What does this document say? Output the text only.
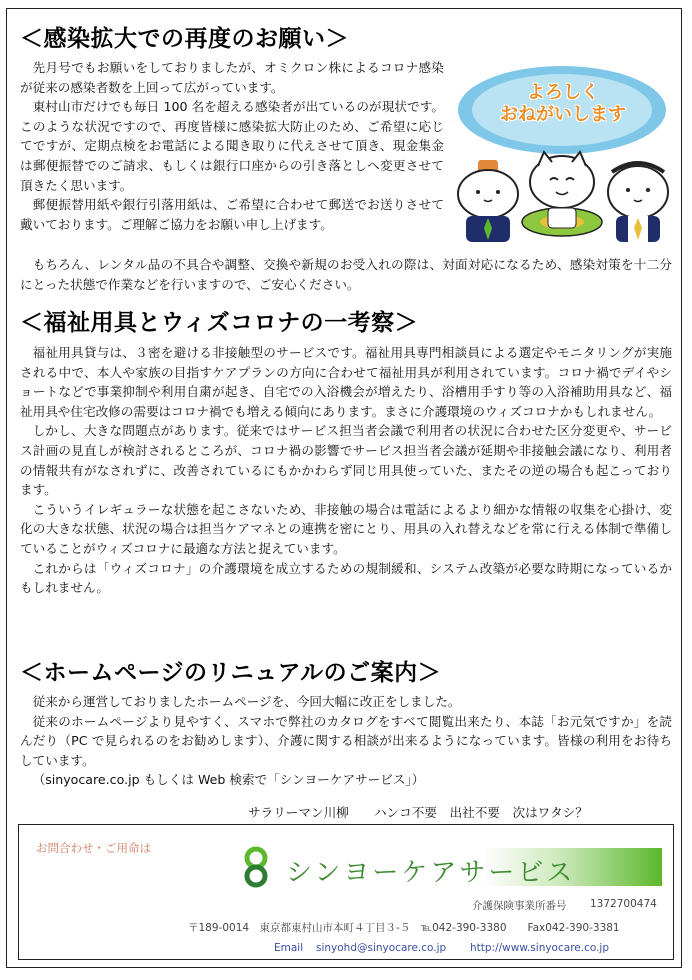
＜感染拡大での再度のお願い＞

先月号でもお願いをしておりましたが、オミクロン株によるコロナ感染が従来の感染者数を上回って広がっています。

東村山市だけでも毎日 100 名を超える感染者が出ているのが現状です。このような状況ですので、再度皆様に感染拡大防止のため、ご希望に応じてですが、定期点検をお電話による聞き取りに代えさせて頂き、現金集金は郵便振替でのご請求、もしくは銀行口座からの引き落としへ変更させて頂きたく思います。

郵便振替用紙や銀行引落用紙は、ご希望に合わせて郵送でお送りさせて戴いております。ご理解ご協力をお願い申し上げます。

もちろん、レンタル品の不具合や調整、交換や新規のお受入れの際は、対面対応になるため、感染対策を十二分にとった状態で作業などを行いますので、ご安心ください。

よろしく
おねがいします
＜福祉用具とウィズコロナの一考察＞

福祉用具貸与は、３密を避ける非接触型のサービスです。福祉用具専門相談員による選定やモニタリングが実施される中で、本人や家族の目指すケアプランの方向に合わせて福祉用具が利用されています。コロナ禍でデイやショートなどで事業抑制や利用自粛が起き、自宅での入浴機会が増えたり、浴槽用手すり等の入浴補助用具など、福祉用具や住宅改修の需要はコロナ禍でも増える傾向にあります。まさに介護環境のウィズコロナかもしれません。

しかし、大きな問題点があります。従来ではサービス担当者会議で利用者の状況に合わせた区分変更や、サービス計画の見直しが検討されるところが、コロナ禍の影響でサービス担当者会議が延期や非接触会議になり、利用者の情報共有がなされずに、改善されているにもかかわらず同じ用具使っていた、またその逆の場合も起こっております。

こういうイレギュラーな状態を起こさないため、非接触の場合は電話によるより細かな情報の収集を心掛け、変化の大きな状態、状況の場合は担当ケアマネとの連携を密にとり、用具の入れ替えなどを常に行える体制で準備していることがウィズコロナに最適な方法と捉えています。

これからは「ウィズコロナ」の介護環境を成立するための規制緩和、システム改築が必要な時期になっているかもしれません。

＜ホームページのリニュアルのご案内＞

従来から運営しておりましたホームページを、今回大幅に改正をしました。

従来のホームページより見やすく、スマホで弊社のカタログをすべて閲覧出来たり、本誌「お元気ですか」を読んだり（PC で見られるのをお勧めします）、介護に関する相談が出来るようになっています。皆様の利用をお待ちしています。

（sinyocare.co.jp もしくは Web 検索で「シンヨーケアサービス」）

サラリーマン川柳　　ハンコ不要　出社不要　次はワタシ？
お問合わせ・ご用命は
シンヨーケアサービス
介護保険事業所番号 1372700474
〒189-0014　東京都東村山市本町４丁目３-５　℡042-390-3380　　Fax042-390-3381
Email sinyohd@sinyocare.co.jp http://www.sinyocare.co.jp
